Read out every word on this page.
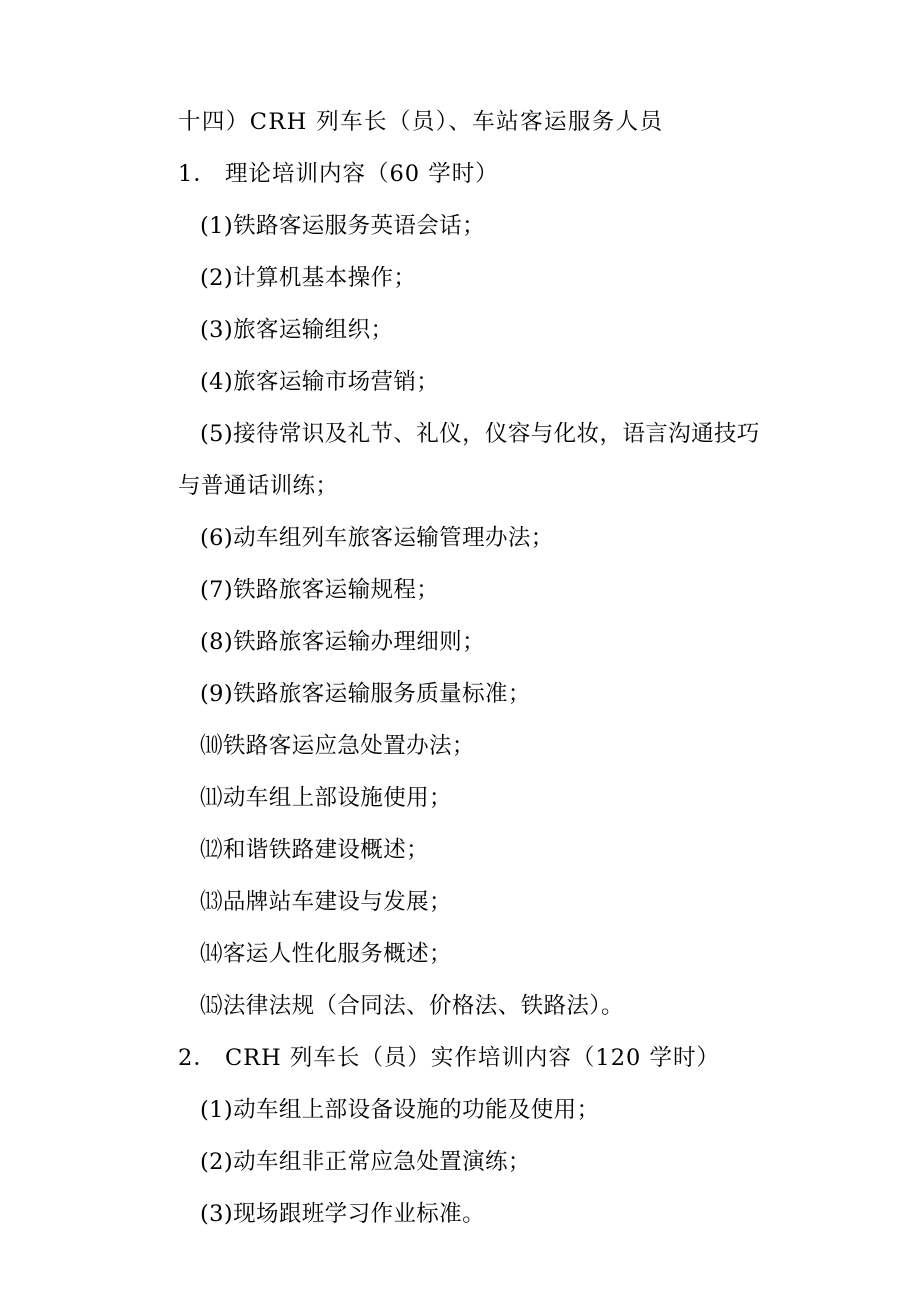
十四）CRH 列车长（员）、车站客运服务人员
1． 理论培训内容（60 学时）
(1)铁路客运服务英语会话；
(2)计算机基本操作；
(3)旅客运输组织；
(4)旅客运输市场营销；
(5)接待常识及礼节、礼仪，仪容与化妆，语言沟通技巧
与普通话训练；
(6)动车组列车旅客运输管理办法；
(7)铁路旅客运输规程；
(8)铁路旅客运输办理细则；
(9)铁路旅客运输服务质量标准；
⑽铁路客运应急处置办法；
⑾动车组上部设施使用；
⑿和谐铁路建设概述；
⒀品牌站车建设与发展；
⒁客运人性化服务概述；
⒂法律法规（合同法、价格法、铁路法）。
2． CRH 列车长（员）实作培训内容（120 学时）
(1)动车组上部设备设施的功能及使用；
(2)动车组非正常应急处置演练；
(3)现场跟班学习作业标准。
